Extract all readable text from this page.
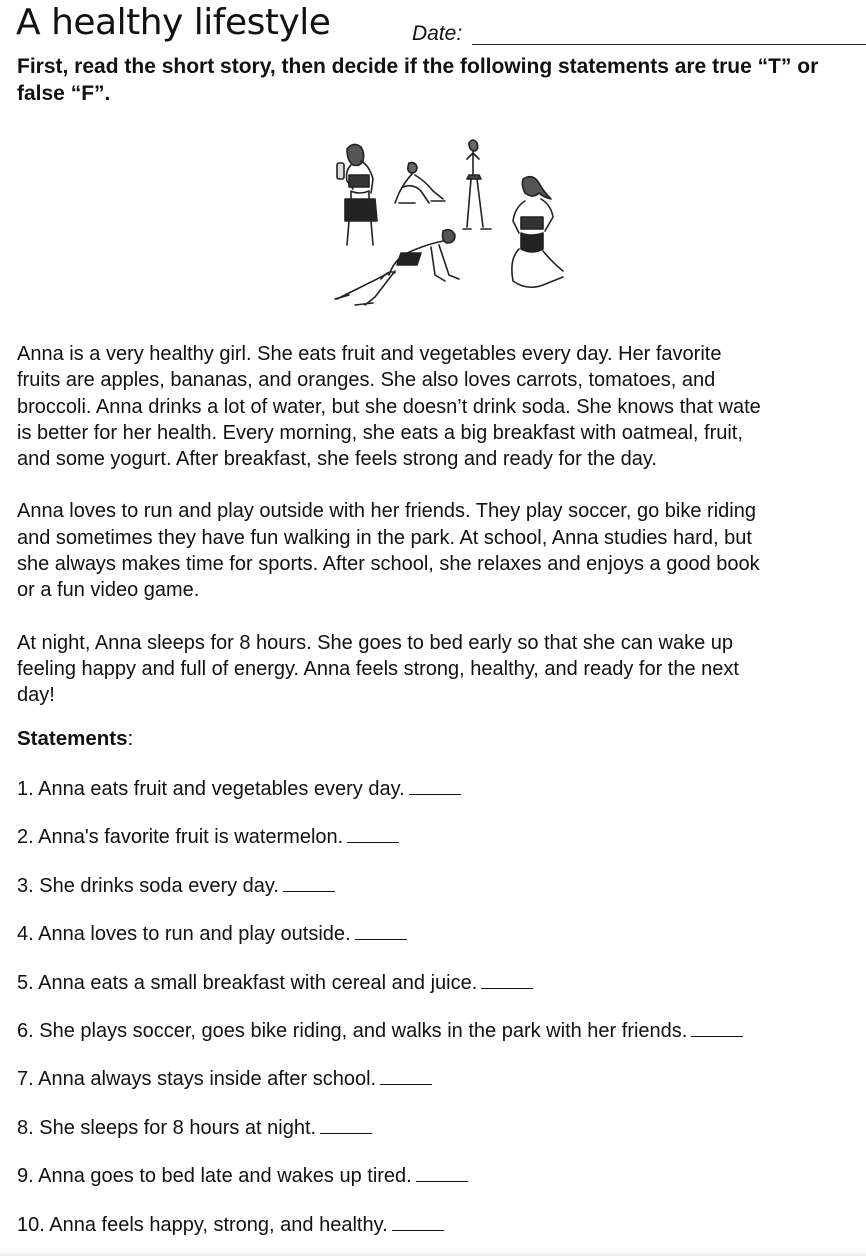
A healthy lifestyle	Date:
First, read the short story, then decide if the following statements are true “T” or false “F”.
Anna is a very healthy girl. She eats fruit and vegetables every day. Her favorite
fruits are apples, bananas, and oranges. She also loves carrots, tomatoes, and
broccoli. Anna drinks a lot of water, but she doesn’t drink soda. She knows that wate
is better for her health. Every morning, she eats a big breakfast with oatmeal, fruit,
and some yogurt. After breakfast, she feels strong and ready for the day.
Anna loves to run and play outside with her friends. They play soccer, go bike riding
and sometimes they have fun walking in the park. At school, Anna studies hard, but
she always makes time for sports. After school, she relaxes and enjoys a good book
or a fun video game.
At night, Anna sleeps for 8 hours. She goes to bed early so that she can wake up
feeling happy and full of energy. Anna feels strong, healthy, and ready for the next
day!
Statements:
1. Anna eats fruit and vegetables every day.
2. Anna's favorite fruit is watermelon.
3. She drinks soda every day.
4. Anna loves to run and play outside.
5. Anna eats a small breakfast with cereal and juice.
6. She plays soccer, goes bike riding, and walks in the park with her friends.
7. Anna always stays inside after school.
8. She sleeps for 8 hours at night.
9. Anna goes to bed late and wakes up tired.
10. Anna feels happy, strong, and healthy.
